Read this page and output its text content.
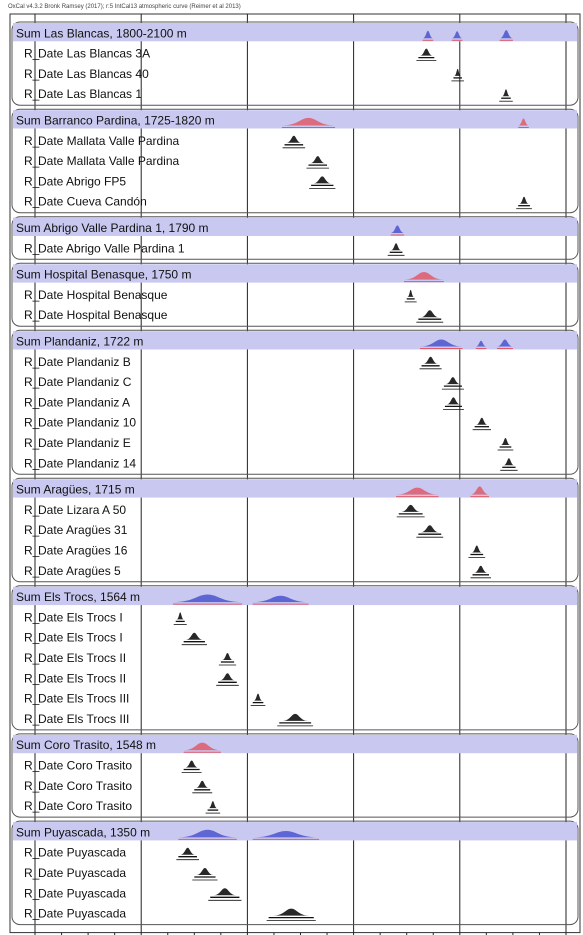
OxCal v4.3.2 Bronk Ramsey (2017); r:5 IntCal13 atmospheric curve (Reimer et al 2013)
Sum Las Blancas, 1800-2100 m
R_
Date Las Blancas 3A
R_
Date Las Blancas 40
R_
Date Las Blancas 1
Sum Barranco Pardina, 1725-1820 m
R_
Date Mallata Valle Pardina
R_
Date Mallata Valle Pardina
R_
Date Abrigo FP5
R_
Date Cueva Candón
Sum Abrigo Valle Pardina 1, 1790 m
R_
Date Abrigo Valle Pardina 1
Sum Hospital Benasque, 1750 m
R_
Date Hospital Benasque
R_
Date Hospital Benasque
Sum Plandaniz, 1722 m
R_
Date Plandaniz B
R_
Date Plandaniz C
R_
Date Plandaniz A
R_
Date Plandaniz 10
R_
Date Plandaniz E
R_
Date Plandaniz 14
Sum Aragües, 1715 m
R_
Date Lizara A 50
R_
Date Aragües 31
R_
Date Aragües 16
R_
Date Aragües 5
Sum Els Trocs, 1564 m
R_
Date Els Trocs I
R_
Date Els Trocs I
R_
Date Els Trocs II
R_
Date Els Trocs II
R_
Date Els Trocs III
R_
Date Els Trocs III
Sum Coro Trasito, 1548 m
R_
Date Coro Trasito
R_
Date Coro Trasito
R_
Date Coro Trasito
Sum Puyascada, 1350 m
R_
Date Puyascada
R_
Date Puyascada
R_
Date Puyascada
R_
Date Puyascada
